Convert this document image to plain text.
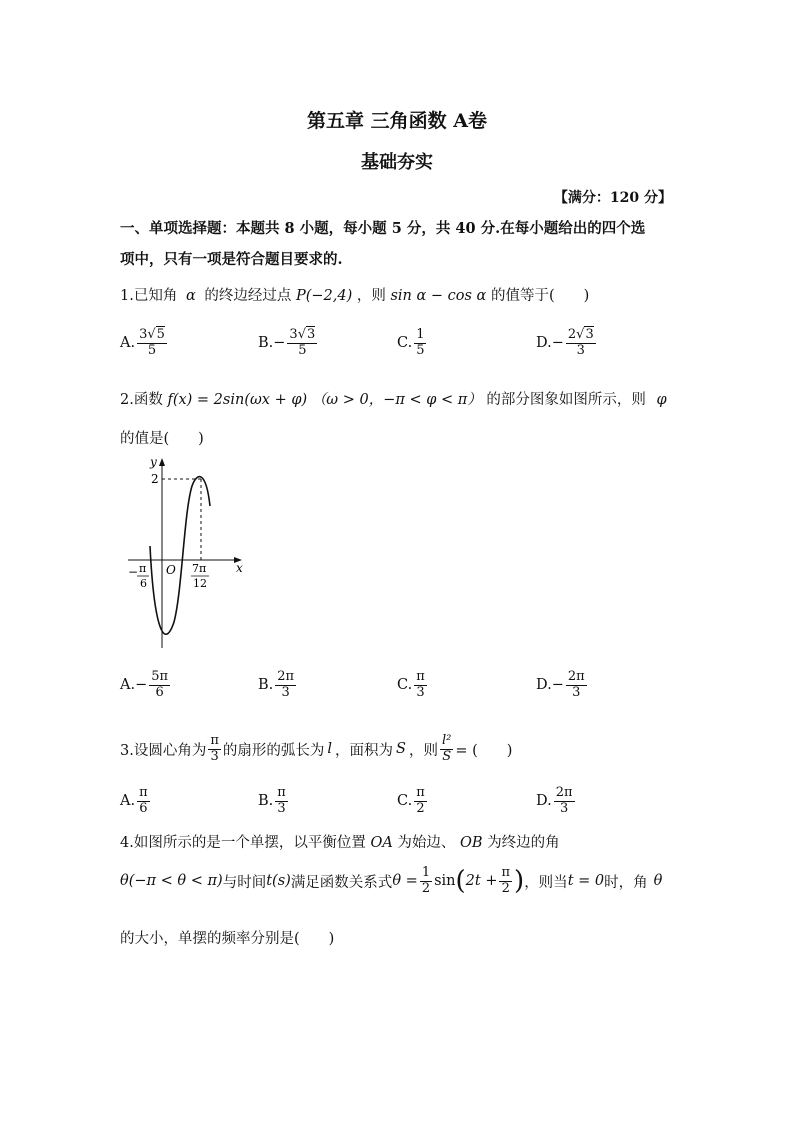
第五章 三角函数 A卷
基础夯实
【满分：120 分】
一、单项选择题：本题共 8 小题，每小题 5 分，共 40 分.在每小题给出的四个选
项中，只有一项是符合题目要求的.
1.已知角 α 的终边经过点 P(−2,4) ，则 sin α − cos α 的值等于(　　)
A. $\frac{3√5}{5}$	B. − $\frac{3√3}{5}$	C. $\frac{1}{5}$	D. − $\frac{2√3}{3}$
2.函数 f(x) = 2sin(ωx + φ) （ω > 0，−π < φ < π） 的部分图象如图所示，则 φ
的值是(　　)
y
x
2
O
− π
6
7π
12
A. − $\frac{5\pi}{6}$	B. $\frac{2\pi}{3}$	C. $\frac{\pi}{3}$	D. − $\frac{2\pi}{3}$
3.设圆心角为 $\frac{\pi}{3}$ 的扇形的弧长为 l ，面积为 S ，则 $\frac{\text{l²}}{S}$ = (　　)
A. $\frac{\pi}{6}$	B. $\frac{\pi}{3}$	C. $\frac{\pi}{2}$	D. $\frac{2\pi}{3}$
4.如图所示的是一个单摆，以平衡位置 OA 为始边、 OB 为终边的角
θ(−π < θ < π) 与时间 t(s) 满足函数关系式 $\theta = \frac{1}{2}$ sin ( $2t + \frac{\pi}{2}$ ) ，则当 t = 0 时，角 θ
的大小，单摆的频率分别是(　　)
